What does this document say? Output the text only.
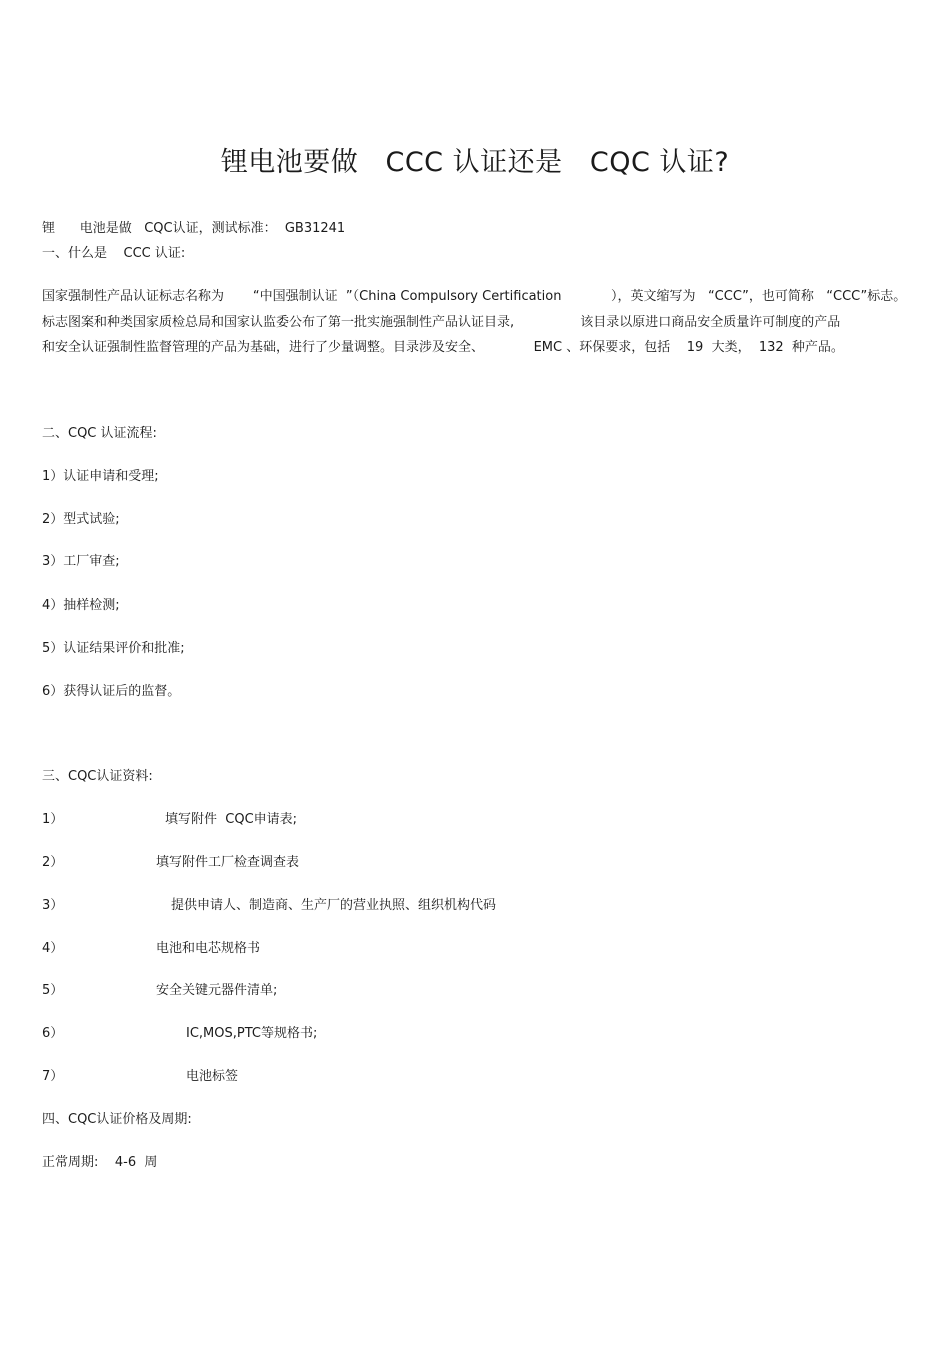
锂电池要做   CCC 认证还是   CQC 认证?
锂      电池是做   CQC认证，测试标准：  GB31241
一、什么是    CCC 认证:
国家强制性产品认证标志名称为       “中国强制认证  ”（China Compulsory Certification            ），英文缩写为   “CCC”，也可简称   “CCC”标志。
标志图案和种类国家质检总局和国家认监委公布了第一批实施强制性产品认证目录,                该目录以原进口商品安全质量许可制度的产品
和安全认证强制性监督管理的产品为基础，进行了少量调整。目录涉及安全、            EMC 、环保要求，包括    19  大类，  132  种产品。
二、CQC 认证流程:
1）认证申请和受理;
2）型式试验;
3）工厂审查;
4）抽样检测;
5）认证结果评价和批准;
6）获得认证后的监督。
三、CQC认证资料:
1）	填写附件  CQC申请表;
2）	填写附件工厂检查调查表
3）	提供申请人、制造商、生产厂的营业执照、组织机构代码
4）	电池和电芯规格书
5）	安全关键元器件清单;
6）	IC,MOS,PTC等规格书;
7）	电池标签
四、CQC认证价格及周期:
正常周期:    4-6  周
